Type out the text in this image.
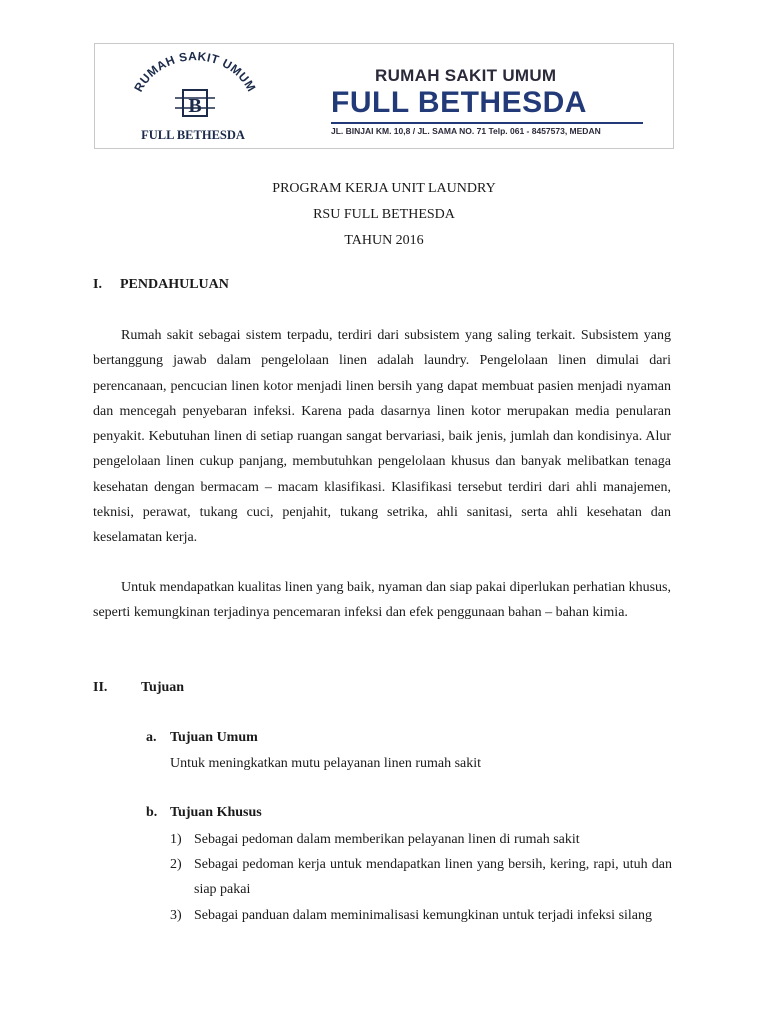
RUMAH SAKIT UMUM
B
FULL BETHESDA
RUMAH SAKIT UMUM
FULL BETHESDA
JL. BINJAI KM. 10,8 / JL. SAMA NO. 71 Telp. 061 - 8457573, MEDAN
PROGRAM KERJA UNIT LAUNDRY
RSU FULL BETHESDA
TAHUN 2016
I. PENDAHULUAN

Rumah sakit sebagai sistem terpadu, terdiri dari subsistem yang saling terkait. Subsistem yang bertanggung jawab dalam pengelolaan linen adalah laundry. Pengelolaan linen dimulai dari perencanaan, pencucian linen kotor menjadi linen bersih yang dapat membuat pasien menjadi nyaman dan mencegah penyebaran infeksi. Karena pada dasarnya linen kotor merupakan media penularan penyakit. Kebutuhan linen di setiap ruangan sangat bervariasi, baik jenis, jumlah dan kondisinya. Alur pengelolaan linen cukup panjang, membutuhkan pengelolaan khusus dan banyak melibatkan tenaga kesehatan dengan bermacam – macam klasifikasi. Klasifikasi tersebut terdiri dari ahli manajemen, teknisi, perawat, tukang cuci, penjahit, tukang setrika, ahli sanitasi, serta ahli kesehatan dan keselamatan kerja.

Untuk mendapatkan kualitas linen yang baik, nyaman dan siap pakai diperlukan perhatian khusus, seperti kemungkinan terjadinya pencemaran infeksi dan efek penggunaan bahan – bahan kimia.

II. Tujuan
a. Tujuan Umum
Untuk meningkatkan mutu pelayanan linen rumah sakit
b. Tujuan Khusus
1) Sebagai pedoman dalam memberikan pelayanan linen di rumah sakit
2) Sebagai pedoman kerja untuk mendapatkan linen yang bersih, kering, rapi, utuh dan siap pakai
3) Sebagai panduan dalam meminimalisasi kemungkinan untuk terjadi infeksi silang
